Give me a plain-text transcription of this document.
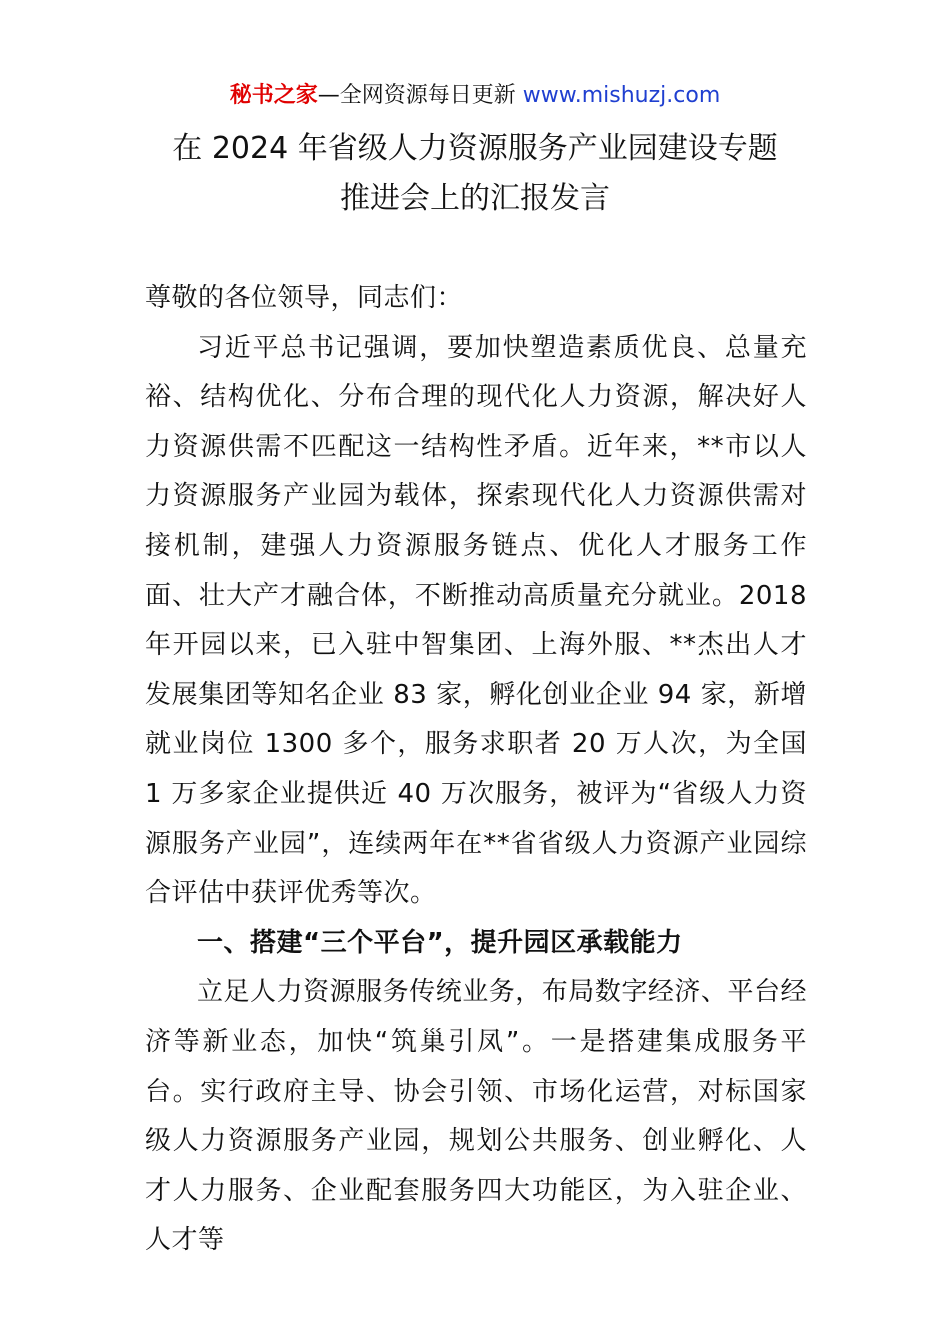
秘书之家—全网资源每日更新 www.mishuzj.com
在 2024 年省级人力资源服务产业园建设专题
推进会上的汇报发言

尊敬的各位领导，同志们：

习近平总书记强调，要加快塑造素质优良、总量充裕、结构优化、分布合理的现代化人力资源，解决好人力资源供需不匹配这一结构性矛盾。近年来，**市以人力资源服务产业园为载体，探索现代化人力资源供需对接机制，建强人力资源服务链点、优化人才服务工作面、壮大产才融合体，不断推动高质量充分就业。2018 年开园以来，已入驻中智集团、上海外服、**杰出人才发展集团等知名企业 83 家，孵化创业企业 94 家，新增就业岗位 1300 多个，服务求职者 20 万人次，为全国 1 万多家企业提供近 40 万次服务，被评为“省级人力资源服务产业园”，连续两年在**省省级人力资源产业园综合评估中获评优秀等次。

一、搭建“三个平台”，提升园区承载能力

立足人力资源服务传统业务，布局数字经济、平台经济等新业态，加快“筑巢引凤”。一是搭建集成服务平台。实行政府主导、协会引领、市场化运营，对标国家级人力资源服务产业园，规划公共服务、创业孵化、人才人力服务、企业配套服务四大功能区，为入驻企业、人才等
